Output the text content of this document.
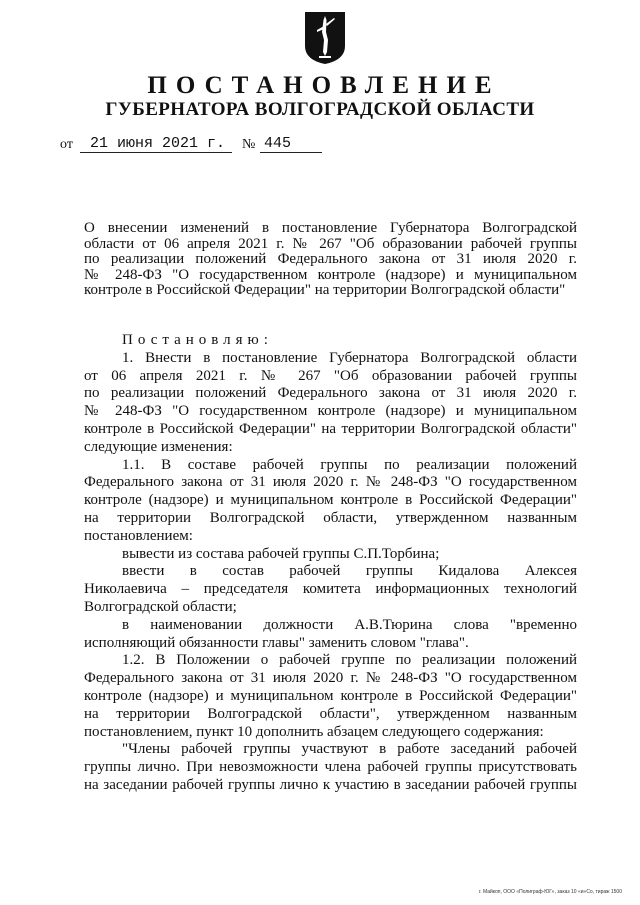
ПОСТАНОВЛЕНИЕ
ГУБЕРНАТОРА ВОЛГОГРАДСКОЙ ОБЛАСТИ
от	21 июня 2021 г.	№ 445
О внесении изменений в постановление Губернатора Волгоградской
области от 06 апреля 2021 г. № 267 "Об образовании рабочей группы
по реализации положений Федерального закона от 31 июля 2020 г.
№ 248-ФЗ "О государственном контроле (надзоре) и муниципальном
контроле в Российской Федерации" на территории Волгоградской области"

Постановляю:

1. Внести в постановление Губернатора Волгоградской области
от 06 апреля 2021 г. № 267 "Об образовании рабочей группы
по реализации положений Федерального закона от 31 июля 2020 г.
№ 248-ФЗ "О государственном контроле (надзоре) и муниципальном
контроле в Российской Федерации" на территории Волгоградской области"
следующие изменения:
1.1. В составе рабочей группы по реализации положений
Федерального закона от 31 июля 2020 г. № 248-ФЗ "О государственном
контроле (надзоре) и муниципальном контроле в Российской Федерации"
на территории Волгоградской области, утвержденном названным
постановлением:
вывести из состава рабочей группы С.П.Торбина;
ввести в состав рабочей группы Кидалова Алексея
Николаевича – председателя комитета информационных технологий
Волгоградской области;
в наименовании должности А.В.Тюрина слова "временно
исполняющий обязанности главы" заменить словом "глава".
1.2. В Положении о рабочей группе по реализации положений
Федерального закона от 31 июля 2020 г. № 248-ФЗ "О государственном
контроле (надзоре) и муниципальном контроле в Российской Федерации"
на территории Волгоградской области", утвержденном названным
постановлением, пункт 10 дополнить абзацем следующего содержания:
"Члены рабочей группы участвуют в работе заседаний рабочей
группы лично. При невозможности члена рабочей группы присутствовать
на заседании рабочей группы лично к участию в заседании рабочей группы
г. Майкоп, ООО «Полиграф-ЮГ», заказ 10 «и»Со, тираж 1500
